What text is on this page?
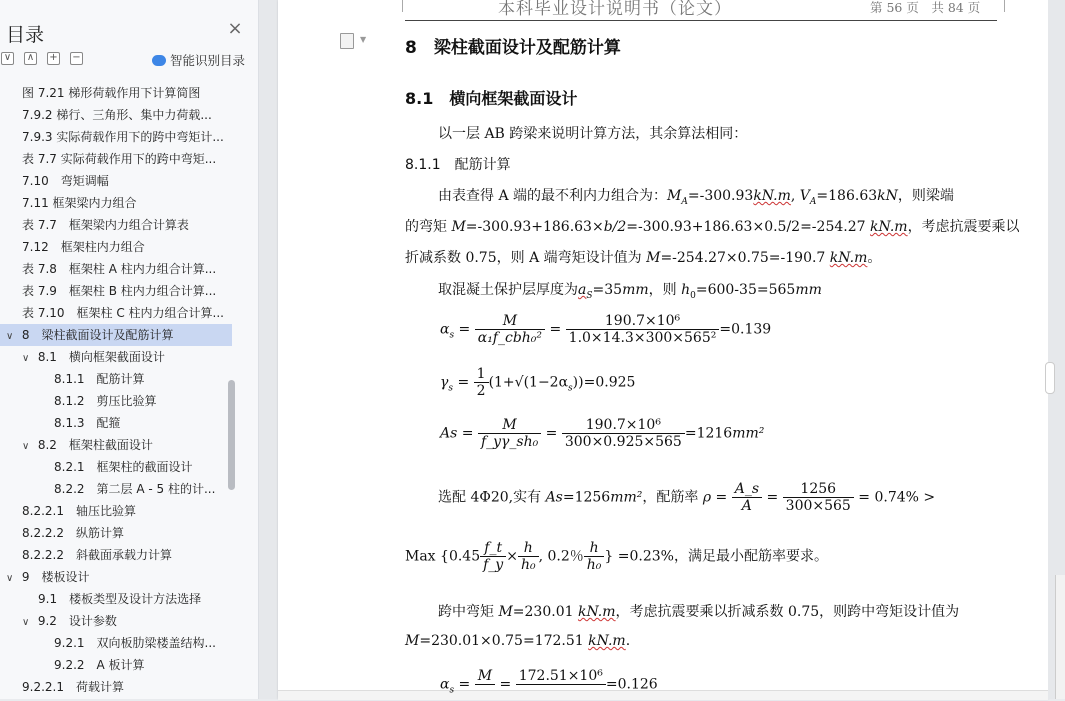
目录	×
∨ ∧ + −	智能识别目录
图 7.21 梯形荷载作用下计算简图
7.9.2 梯行、三角形、集中力荷载...
7.9.3 实际荷载作用下的跨中弯矩计...
表 7.7 实际荷载作用下的跨中弯矩...
7.10　弯矩调幅
7.11 框架梁内力组合
表 7.7　框架梁内力组合计算表
7.12　框架柱内力组合
表 7.8　框架柱 A 柱内力组合计算...
表 7.9　框架柱 B 柱内力组合计算...
表 7.10　框架柱 C 柱内力组合计算...
∨ 8　梁柱截面设计及配筋计算
∨ 8.1　横向框架截面设计
8.1.1　配筋计算
8.1.2　剪压比验算
8.1.3　配箍
∨ 8.2　框架柱截面设计
8.2.1　框架柱的截面设计
8.2.2　第二层 A - 5 柱的计...
8.2.2.1　轴压比验算
8.2.2.2　纵筋计算
8.2.2.2　斜截面承载力计算
∨ 9　楼板设计
9.1　楼板类型及设计方法选择
∨ 9.2　设计参数
9.2.1　双向板肋梁楼盖结构...
9.2.2　A 板计算
9.2.2.1　荷载计算
本科毕业设计说明书（论文）	第 56 页　共 84 页
▼ 8　梁柱截面设计及配筋计算
8.1　横向框架截面设计
以一层 AB 跨梁来说明计算方法，其余算法相同：
8.1.1　配筋计算
由表查得 A 端的最不利内力组合为：$M_A=-300.93kN.m$, $V_A=186.63kN$，则梁端
的弯矩 M=-300.93+186.63×b/2=-300.93+186.63×0.5/2=-254.27 kN.m，考虑抗震要乘以
折减系数 0.75，则 A 端弯矩设计值为 M=-254.27×0.75=-190.7 kN.m。
取混凝土保护层厚度为$a_S=35mm$，则 $h_0=600-35=565mm$
$\alpha_s = \frac{M}{\text{α₁f\_cbh₀²}} = \frac{\text{190.7×10⁶}}{\text{1.0×14.3×300×565²}} =0.139$
$\gamma_s = \frac{1}{2} (1+√(1-2\alpha_s))=0.925$
$As = \frac{M}{\text{f\_yγ\_sh₀}} = \frac{\text{190.7×10⁶}}{300\times 0.925\times 565} =1216mm^2$
选配 4Φ20,实有 As=1256mm²，配筋率 $\rho = \frac{A\_s}{A} = \frac{1256}{300\times 565} = 0.74\%$ >
Max {$0.45 \frac{f\_t}{f\_y} \times \frac{h}{\text{h₀}}$ , 0.2％ $\frac{h}{\text{h₀}}$ } =0.23%，满足最小配筋率要求。
跨中弯矩 M=230.01 kN.m，考虑抗震要乘以折减系数 0.75，则跨中弯矩设计值为
M=230.01×0.75=172.51 kN.m.
$\alpha_s$ =
M

=
172.51×10⁶

=0.126
